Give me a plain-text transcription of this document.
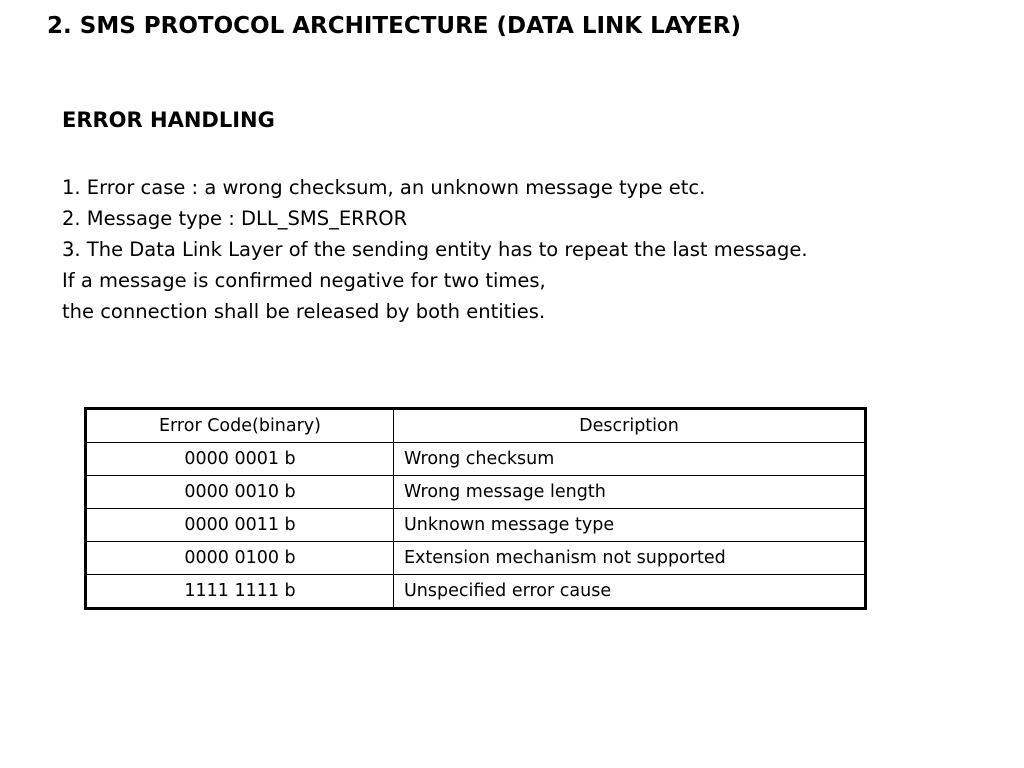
2. SMS PROTOCOL ARCHITECTURE (DATA LINK LAYER)
ERROR HANDLING
1. Error case : a wrong checksum, an unknown message type etc.
2. Message type : DLL_SMS_ERROR
3. The Data Link Layer of the sending entity has to repeat the last message.
If a message is confirmed negative for two times,
the connection shall be released by both entities.
Error Code(binary)	Description
0000 0001 b	Wrong checksum
0000 0010 b	Wrong message length
0000 0011 b	Unknown message type
0000 0100 b	Extension mechanism not supported
1111 1111 b	Unspecified error cause
